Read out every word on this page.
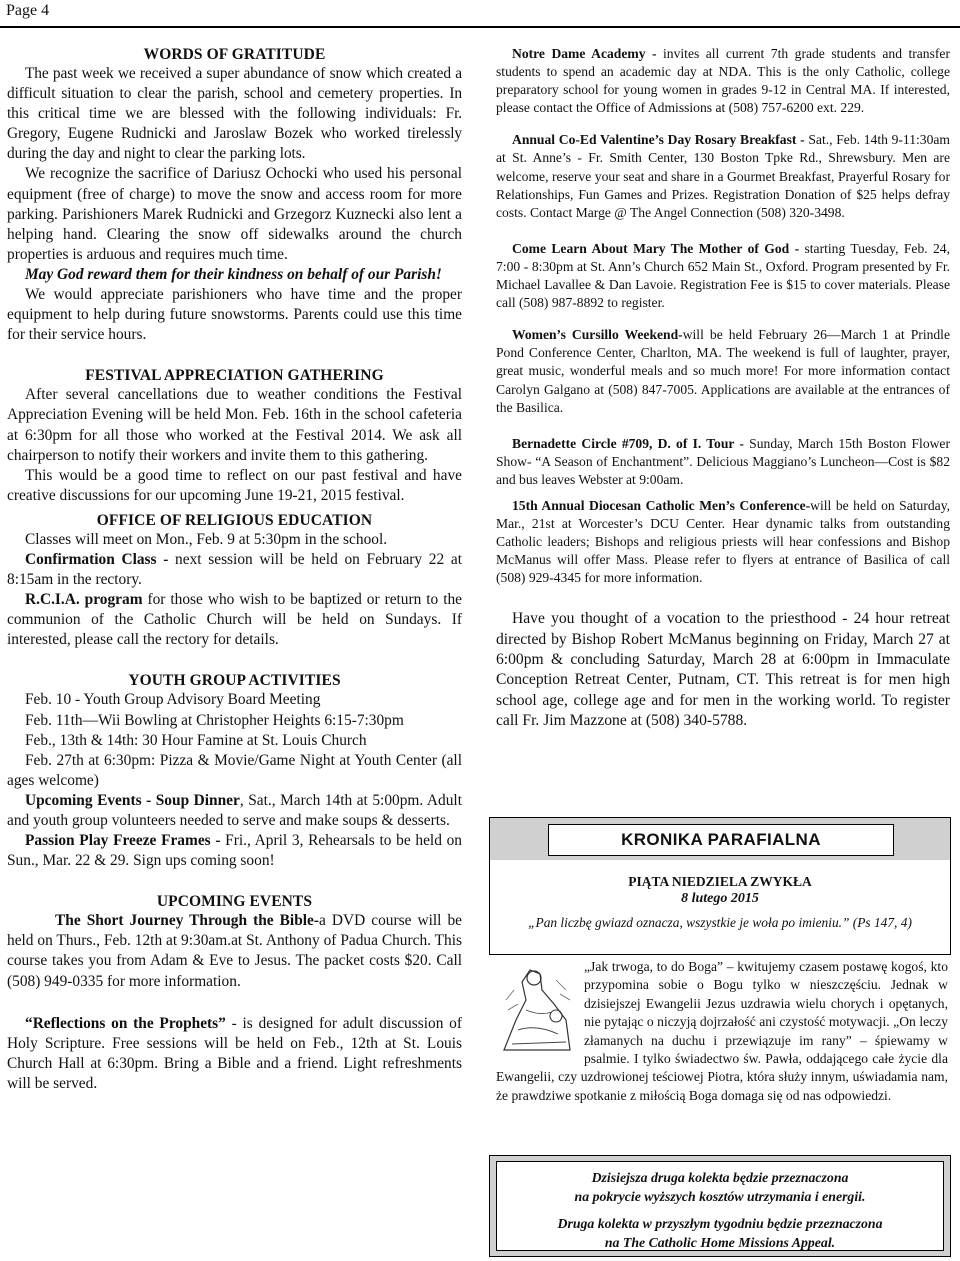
Page 4
WORDS OF GRATITUDE

The past week we received a super abundance of snow which created a difficult situation to clear the parish, school and cemetery properties. In this critical time we are blessed with the following individuals: Fr. Gregory, Eugene Rudnicki and Jaroslaw Bozek who worked tirelessly during the day and night to clear the parking lots.

We recognize the sacrifice of Dariusz Ochocki who used his personal equipment (free of charge) to move the snow and access room for more parking. Parishioners Marek Rudnicki and Grzegorz Kuznecki also lent a helping hand. Clearing the snow off sidewalks around the church properties is arduous and requires much time.

May God reward them for their kindness on behalf of our Parish!

We would appreciate parishioners who have time and the proper equipment to help during future snowstorms. Parents could use this time for their service hours.

FESTIVAL APPRECIATION GATHERING

After several cancellations due to weather conditions the Festival Appreciation Evening will be held Mon. Feb. 16th in the school cafeteria at 6:30pm for all those who worked at the Festival 2014. We ask all chairperson to notify their workers and invite them to this gathering.

This would be a good time to reflect on our past festival and have creative discussions for our upcoming June 19-21, 2015 festival.

OFFICE OF RELIGIOUS EDUCATION

Classes will meet on Mon., Feb. 9 at 5:30pm in the school.

Confirmation Class - next session will be held on February 22 at 8:15am in the rectory.

R.C.I.A. program for those who wish to be baptized or return to the communion of the Catholic Church will be held on Sundays. If interested, please call the rectory for details.

YOUTH GROUP ACTIVITIES

Feb. 10 - Youth Group Advisory Board Meeting

Feb. 11th—Wii Bowling at Christopher Heights 6:15-7:30pm

Feb., 13th & 14th: 30 Hour Famine at St. Louis Church

Feb. 27th at 6:30pm: Pizza & Movie/Game Night at Youth Center (all ages welcome)

Upcoming Events - Soup Dinner, Sat., March 14th at 5:00pm. Adult and youth group volunteers needed to serve and make soups & desserts.

Passion Play Freeze Frames - Fri., April 3, Rehearsals to be held on Sun., Mar. 22 & 29. Sign ups coming soon!

UPCOMING EVENTS

The Short Journey Through the Bible-a DVD course will be held on Thurs., Feb. 12th at 9:30am.at St. Anthony of Padua Church. This course takes you from Adam & Eve to Jesus. The packet costs $20. Call (508) 949-0335 for more information.

“Reflections on the Prophets” - is designed for adult discussion of Holy Scripture. Free sessions will be held on Feb., 12th at St. Louis Church Hall at 6:30pm. Bring a Bible and a friend. Light refreshments will be served.

Notre Dame Academy - invites all current 7th grade students and transfer students to spend an academic day at NDA. This is the only Catholic, college preparatory school for young women in grades 9-12 in Central MA. If interested, please contact the Office of Admissions at (508) 757-6200 ext. 229.

Annual Co-Ed Valentine’s Day Rosary Breakfast - Sat., Feb. 14th 9-11:30am at St. Anne’s - Fr. Smith Center, 130 Boston Tpke Rd., Shrewsbury. Men are welcome, reserve your seat and share in a Gourmet Breakfast, Prayerful Rosary for Relationships, Fun Games and Prizes. Registration Donation of $25 helps defray costs. Contact Marge @ The Angel Connection (508) 320-3498.

Come Learn About Mary The Mother of God - starting Tuesday, Feb. 24, 7:00 - 8:30pm at St. Ann’s Church 652 Main St., Oxford. Program presented by Fr. Michael Lavallee & Dan Lavoie. Registration Fee is $15 to cover materials. Please call (508) 987-8892 to register.

Women’s Cursillo Weekend-will be held February 26—March 1 at Prindle Pond Conference Center, Charlton, MA. The weekend is full of laughter, prayer, great music, wonderful meals and so much more! For more information contact Carolyn Galgano at (508) 847-7005. Applications are available at the entrances of the Basilica.

Bernadette Circle #709, D. of I. Tour - Sunday, March 15th Boston Flower Show- “A Season of Enchantment”. Delicious Maggiano’s Luncheon—Cost is $82 and bus leaves Webster at 9:00am.

15th Annual Diocesan Catholic Men’s Conference-will be held on Saturday, Mar., 21st at Worcester’s DCU Center. Hear dynamic talks from outstanding Catholic leaders; Bishops and religious priests will hear confessions and Bishop McManus will offer Mass. Please refer to flyers at entrance of Basilica of call (508) 929-4345 for more information.

Have you thought of a vocation to the priesthood - 24 hour retreat directed by Bishop Robert McManus beginning on Friday, March 27 at 6:00pm & concluding Saturday, March 28 at 6:00pm in Immaculate Conception Retreat Center, Putnam, CT. This retreat is for men high school age, college age and for men in the working world. To register call Fr. Jim Mazzone at (508) 340-5788.

KRONIKA PARAFIALNA
PIĄTA NIEDZIELA ZWYKŁA
8 lutego 2015
„Pan liczbę gwiazd oznacza, wszystkie je woła po imieniu.” (Ps 147, 4)

„Jak trwoga, to do Boga” – kwitujemy czasem postawę kogoś, kto przypomina sobie o Bogu tylko w nieszczęściu. Jednak w dzisiejszej Ewangelii Jezus uzdrawia wielu chorych i opętanych, nie pytając o niczyją dojrzałość ani czystość motywacji. „On leczy złamanych na duchu i przewiązuje im rany” – śpiewamy w psalmie. I tylko świadectwo św. Pawła, oddającego całe życie dla Ewangelii, czy uzdrowionej teściowej Piotra, która służy innym, uświadamia nam, że prawdziwe spotkanie z miłością Boga domaga się od nas odpowiedzi.

Dzisiejsza druga kolekta będzie przeznaczona
na pokrycie wyższych kosztów utrzymania i energii.
Druga kolekta w przyszłym tygodniu będzie przeznaczona
na The Catholic Home Missions Appeal.
